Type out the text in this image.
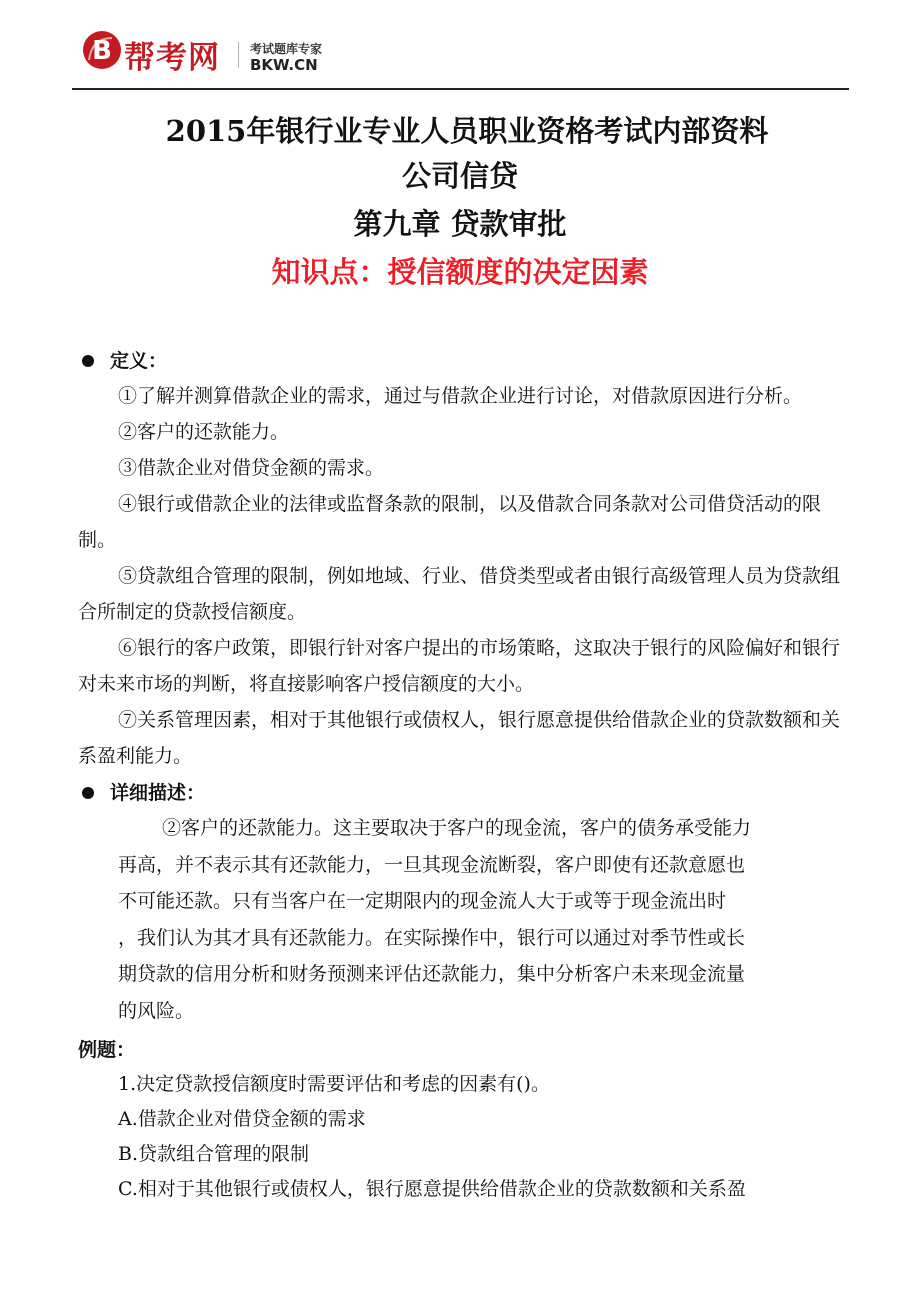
B 帮考网	考试题库专家
BKW.CN
2015年银行业专业人员职业资格考试内部资料
公司信贷
第九章 贷款审批
知识点：授信额度的决定因素
定义：
①了解并测算借款企业的需求，通过与借款企业进行讨论，对借款原因进行分析。
②客户的还款能力。
③借款企业对借贷金额的需求。
④银行或借款企业的法律或监督条款的限制，以及借款合同条款对公司借贷活动的限制。
⑤贷款组合管理的限制，例如地域、行业、借贷类型或者由银行高级管理人员为贷款组合所制定的贷款授信额度。
⑥银行的客户政策，即银行针对客户提出的市场策略，这取决于银行的风险偏好和银行对未来市场的判断，将直接影响客户授信额度的大小。
⑦关系管理因素，相对于其他银行或债权人，银行愿意提供给借款企业的贷款数额和关系盈利能力。
详细描述：
②客户的还款能力。这主要取决于客户的现金流，客户的债务承受能力
再高，并不表示其有还款能力，一旦其现金流断裂，客户即使有还款意愿也
不可能还款。只有当客户在一定期限内的现金流人大于或等于现金流出时
，我们认为其才具有还款能力。在实际操作中，银行可以通过对季节性或长
期贷款的信用分析和财务预测来评估还款能力，集中分析客户未来现金流量
的风险。
例题：
1.决定贷款授信额度时需要评估和考虑的因素有()。
A.借款企业对借贷金额的需求
B.贷款组合管理的限制
C.相对于其他银行或债权人，银行愿意提供给借款企业的贷款数额和关系盈
